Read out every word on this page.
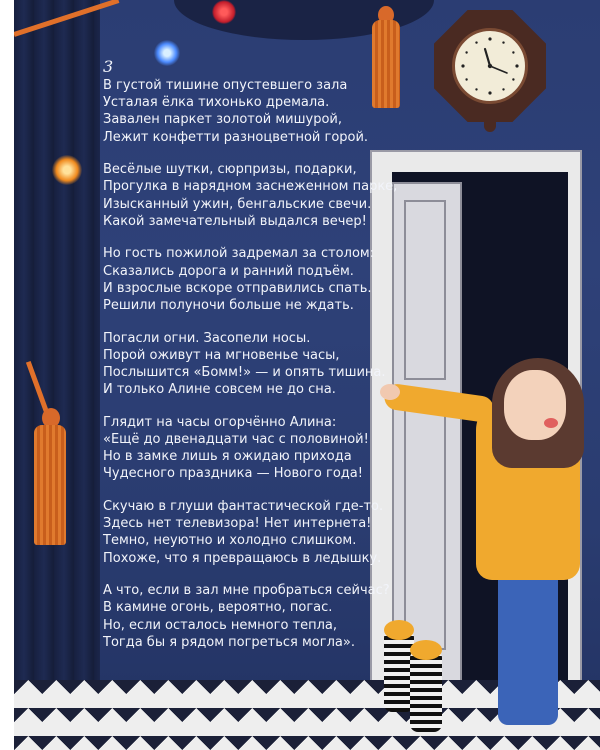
3
В густой тишине опустевшего зала
Усталая ёлка тихонько дремала.
Завален паркет золотой мишурой,
Лежит конфетти разноцветной горой.
Весёлые шутки, сюрпризы, подарки,
Прогулка в нарядном заснеженном парке,
Изысканный ужин, бенгальские свечи.
Какой замечательный выдался вечер!
Но гость пожилой задремал за столом:
Сказались дорога и ранний подъём.
И взрослые вскоре отправились спать.
Решили полуночи больше не ждать.
Погасли огни. Засопели носы.
Порой оживут на мгновенье часы,
Послышится «Бомм!» — и опять тишина.
И только Алине совсем не до сна.
Глядит на часы огорчённо Алина:
«Ещё до двенадцати час с половиной!
Но в замке лишь я ожидаю прихода
Чудесного праздника — Нового года!
Скучаю в глуши фантастической где-то.
Здесь нет телевизора! Нет интернета!
Темно, неуютно и холодно слишком.
Похоже, что я превращаюсь в ледышку.
А что, если в зал мне пробраться сейчас?
В камине огонь, вероятно, погас.
Но, если осталось немного тепла,
Тогда бы я рядом погреться могла».
